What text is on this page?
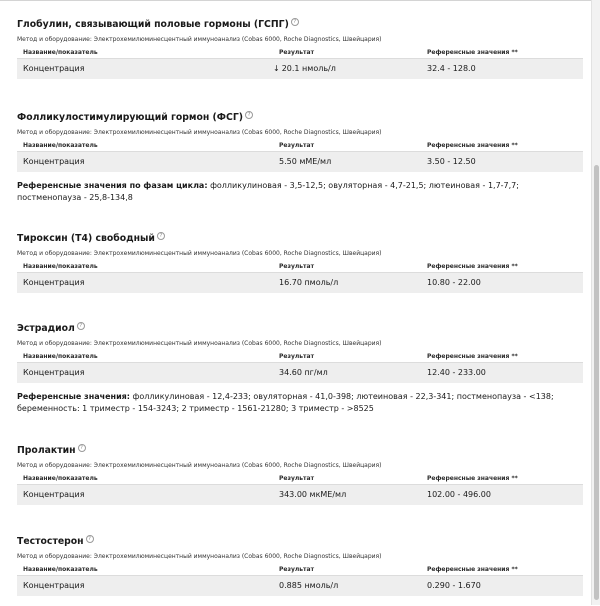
Глобулин, связывающий половые гормоны (ГСПГ) ?
Метод и оборудование: Электрохемилюминесцентный иммуноанализ (Cobas 6000, Roche Diagnostics, Швейцария)
Название/показатель	Результат	Референсные значения **
Концентрация	↓ 20.1 нмоль/л	32.4 - 128.0
Фолликулостимулирующий гормон (ФСГ) ?
Метод и оборудование: Электрохемилюминесцентный иммуноанализ (Cobas 6000, Roche Diagnostics, Швейцария)
Название/показатель	Результат	Референсные значения **
Концентрация	5.50 мМЕ/мл	3.50 - 12.50
Референсные значения по фазам цикла: фолликулиновая - 3,5-12,5; овуляторная - 4,7-21,5; лютеиновая - 1,7-7,7; постменопауза - 25,8-134,8
Тироксин (Т4) свободный ?
Метод и оборудование: Электрохемилюминесцентный иммуноанализ (Cobas 6000, Roche Diagnostics, Швейцария)
Название/показатель	Результат	Референсные значения **
Концентрация	16.70 пмоль/л	10.80 - 22.00
Эстрадиол ?
Метод и оборудование: Электрохемилюминесцентный иммуноанализ (Cobas 6000, Roche Diagnostics, Швейцария)
Название/показатель	Результат	Референсные значения **
Концентрация	34.60 пг/мл	12.40 - 233.00
Референсные значения: фолликулиновая - 12,4-233; овуляторная - 41,0-398; лютеиновая - 22,3-341; постменопауза - <138; беременность: 1 триместр - 154-3243; 2 триместр - 1561-21280; 3 триместр - >8525
Пролактин ?
Метод и оборудование: Электрохемилюминесцентный иммуноанализ (Cobas 6000, Roche Diagnostics, Швейцария)
Название/показатель	Результат	Референсные значения **
Концентрация	343.00 мкМЕ/мл	102.00 - 496.00
Тестостерон ?
Метод и оборудование: Электрохемилюминесцентный иммуноанализ (Cobas 6000, Roche Diagnostics, Швейцария)
Название/показатель	Результат	Референсные значения **
Концентрация	0.885 нмоль/л	0.290 - 1.670
